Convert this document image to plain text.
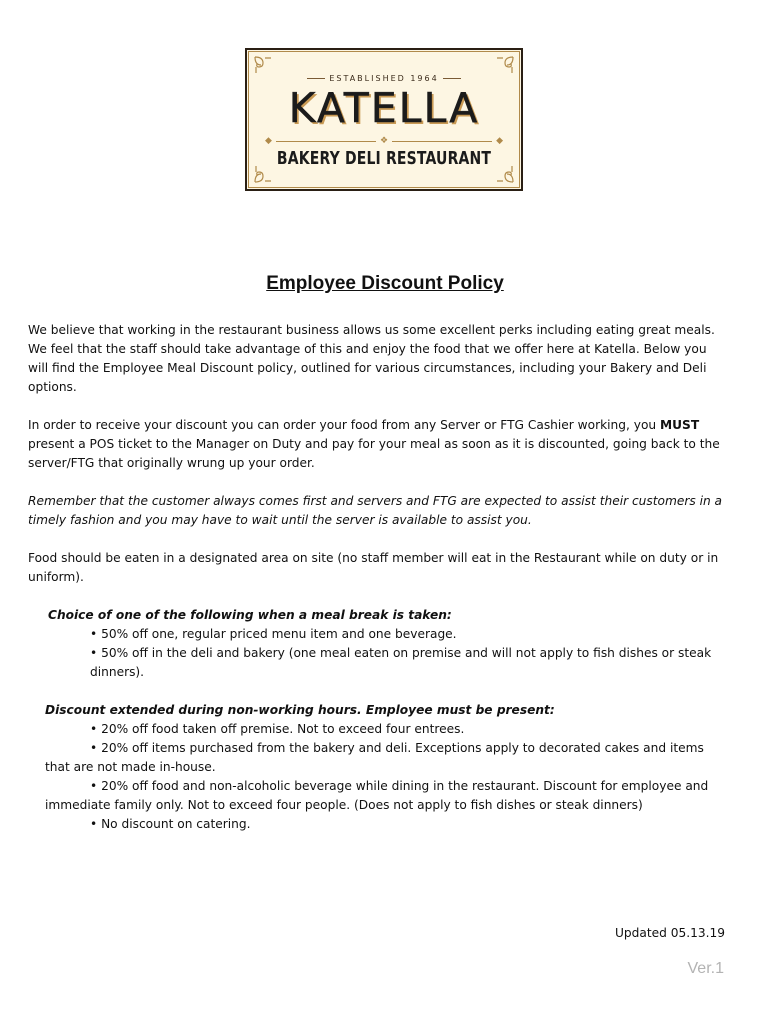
ESTABLISHED 1964
KATELLA
◆	❖	◆
BAKERY DELI RESTAURANT
Employee Discount Policy

We believe that working in the restaurant business allows us some excellent perks including eating great meals. We feel that the staff should take advantage of this and enjoy the food that we offer here at Katella. Below you will find the Employee Meal Discount policy, outlined for various circumstances, including your Bakery and Deli options.

In order to receive your discount you can order your food from any Server or FTG Cashier working, you MUST present a POS ticket to the Manager on Duty and pay for your meal as soon as it is discounted, going back to the server/FTG that originally wrung up your order.

Remember that the customer always comes first and servers and FTG are expected to assist their customers in a timely fashion and you may have to wait until the server is available to assist you.

Food should be eaten in a designated area on site (no staff member will eat in the Restaurant while on duty or in uniform).

Choice of one of the following when a meal break is taken:

• 50% off one, regular priced menu item and one beverage.

• 50% off in the deli and bakery (one meal eaten on premise and will not apply to fish dishes or steak dinners).

Discount extended during non-working hours. Employee must be present:

• 20% off food taken off premise. Not to exceed four entrees.

• 20% off items purchased from the bakery and deli. Exceptions apply to decorated cakes and items that are not made in-house.

• 20% off food and non-alcoholic beverage while dining in the restaurant. Discount for employee and immediate family only. Not to exceed four people. (Does not apply to fish dishes or steak dinners)

• No discount on catering.

Updated 05.13.19
Ver.1
